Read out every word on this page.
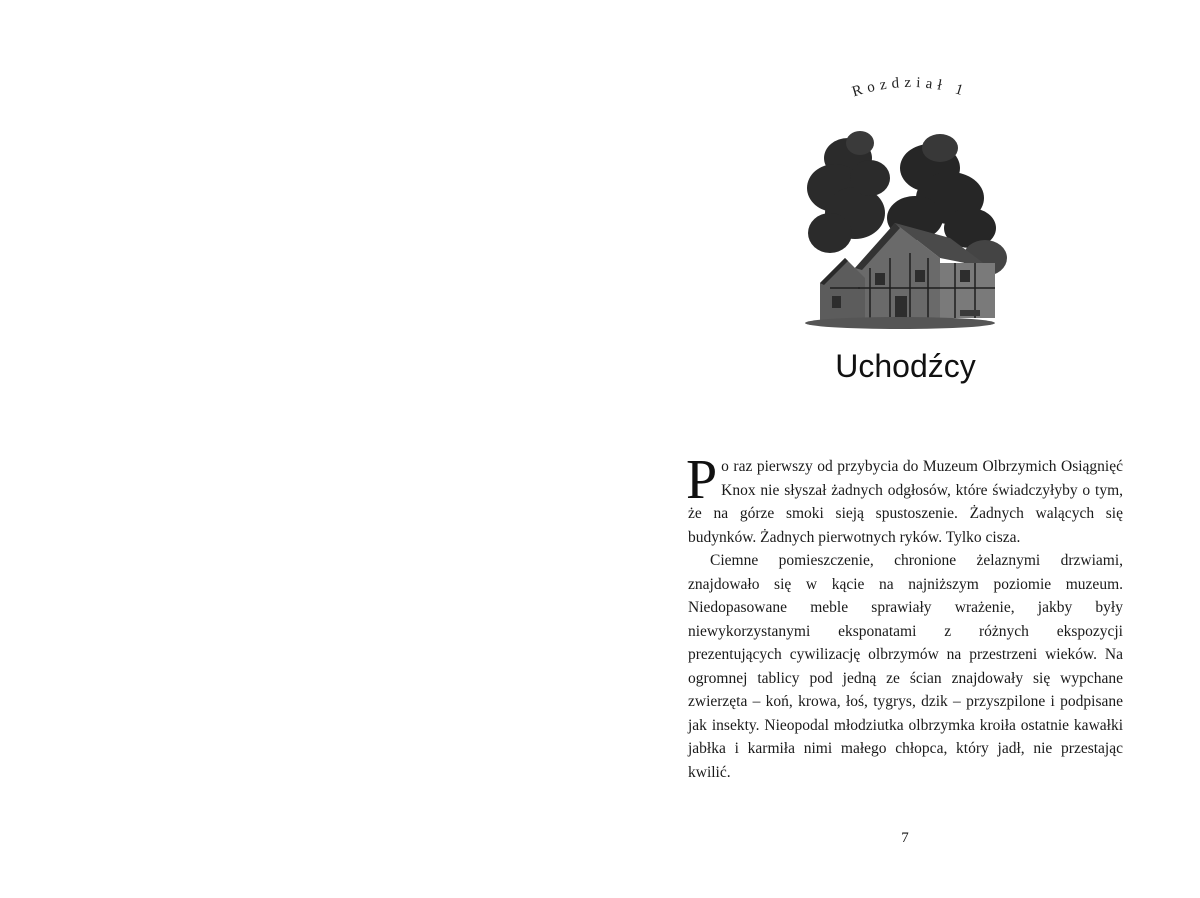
Rozdział 1
Uchodźcy

Po raz pierwszy od przybycia do Muzeum Olbrzymich Osiągnięć Knox nie słyszał żadnych odgłosów, które świadczyłyby o tym, że na górze smoki sieją spustoszenie. Żadnych walących się budynków. Żadnych pierwotnych ryków. Tylko cisza.

Ciemne pomieszczenie, chronione żelaznymi drzwiami, znajdowało się w kącie na najniższym poziomie muzeum. Niedopasowane meble sprawiały wrażenie, jakby były niewykorzystanymi eksponatami z różnych ekspozycji prezentujących cywilizację olbrzymów na przestrzeni wieków. Na ogromnej tablicy pod jedną ze ścian znajdowały się wypchane zwierzęta – koń, krowa, łoś, tygrys, dzik – przyszpilone i podpisane jak insekty. Nieopodal młodziutka olbrzymka kroiła ostatnie kawałki jabłka i karmiła nimi małego chłopca, który jadł, nie przestając kwilić.

7
